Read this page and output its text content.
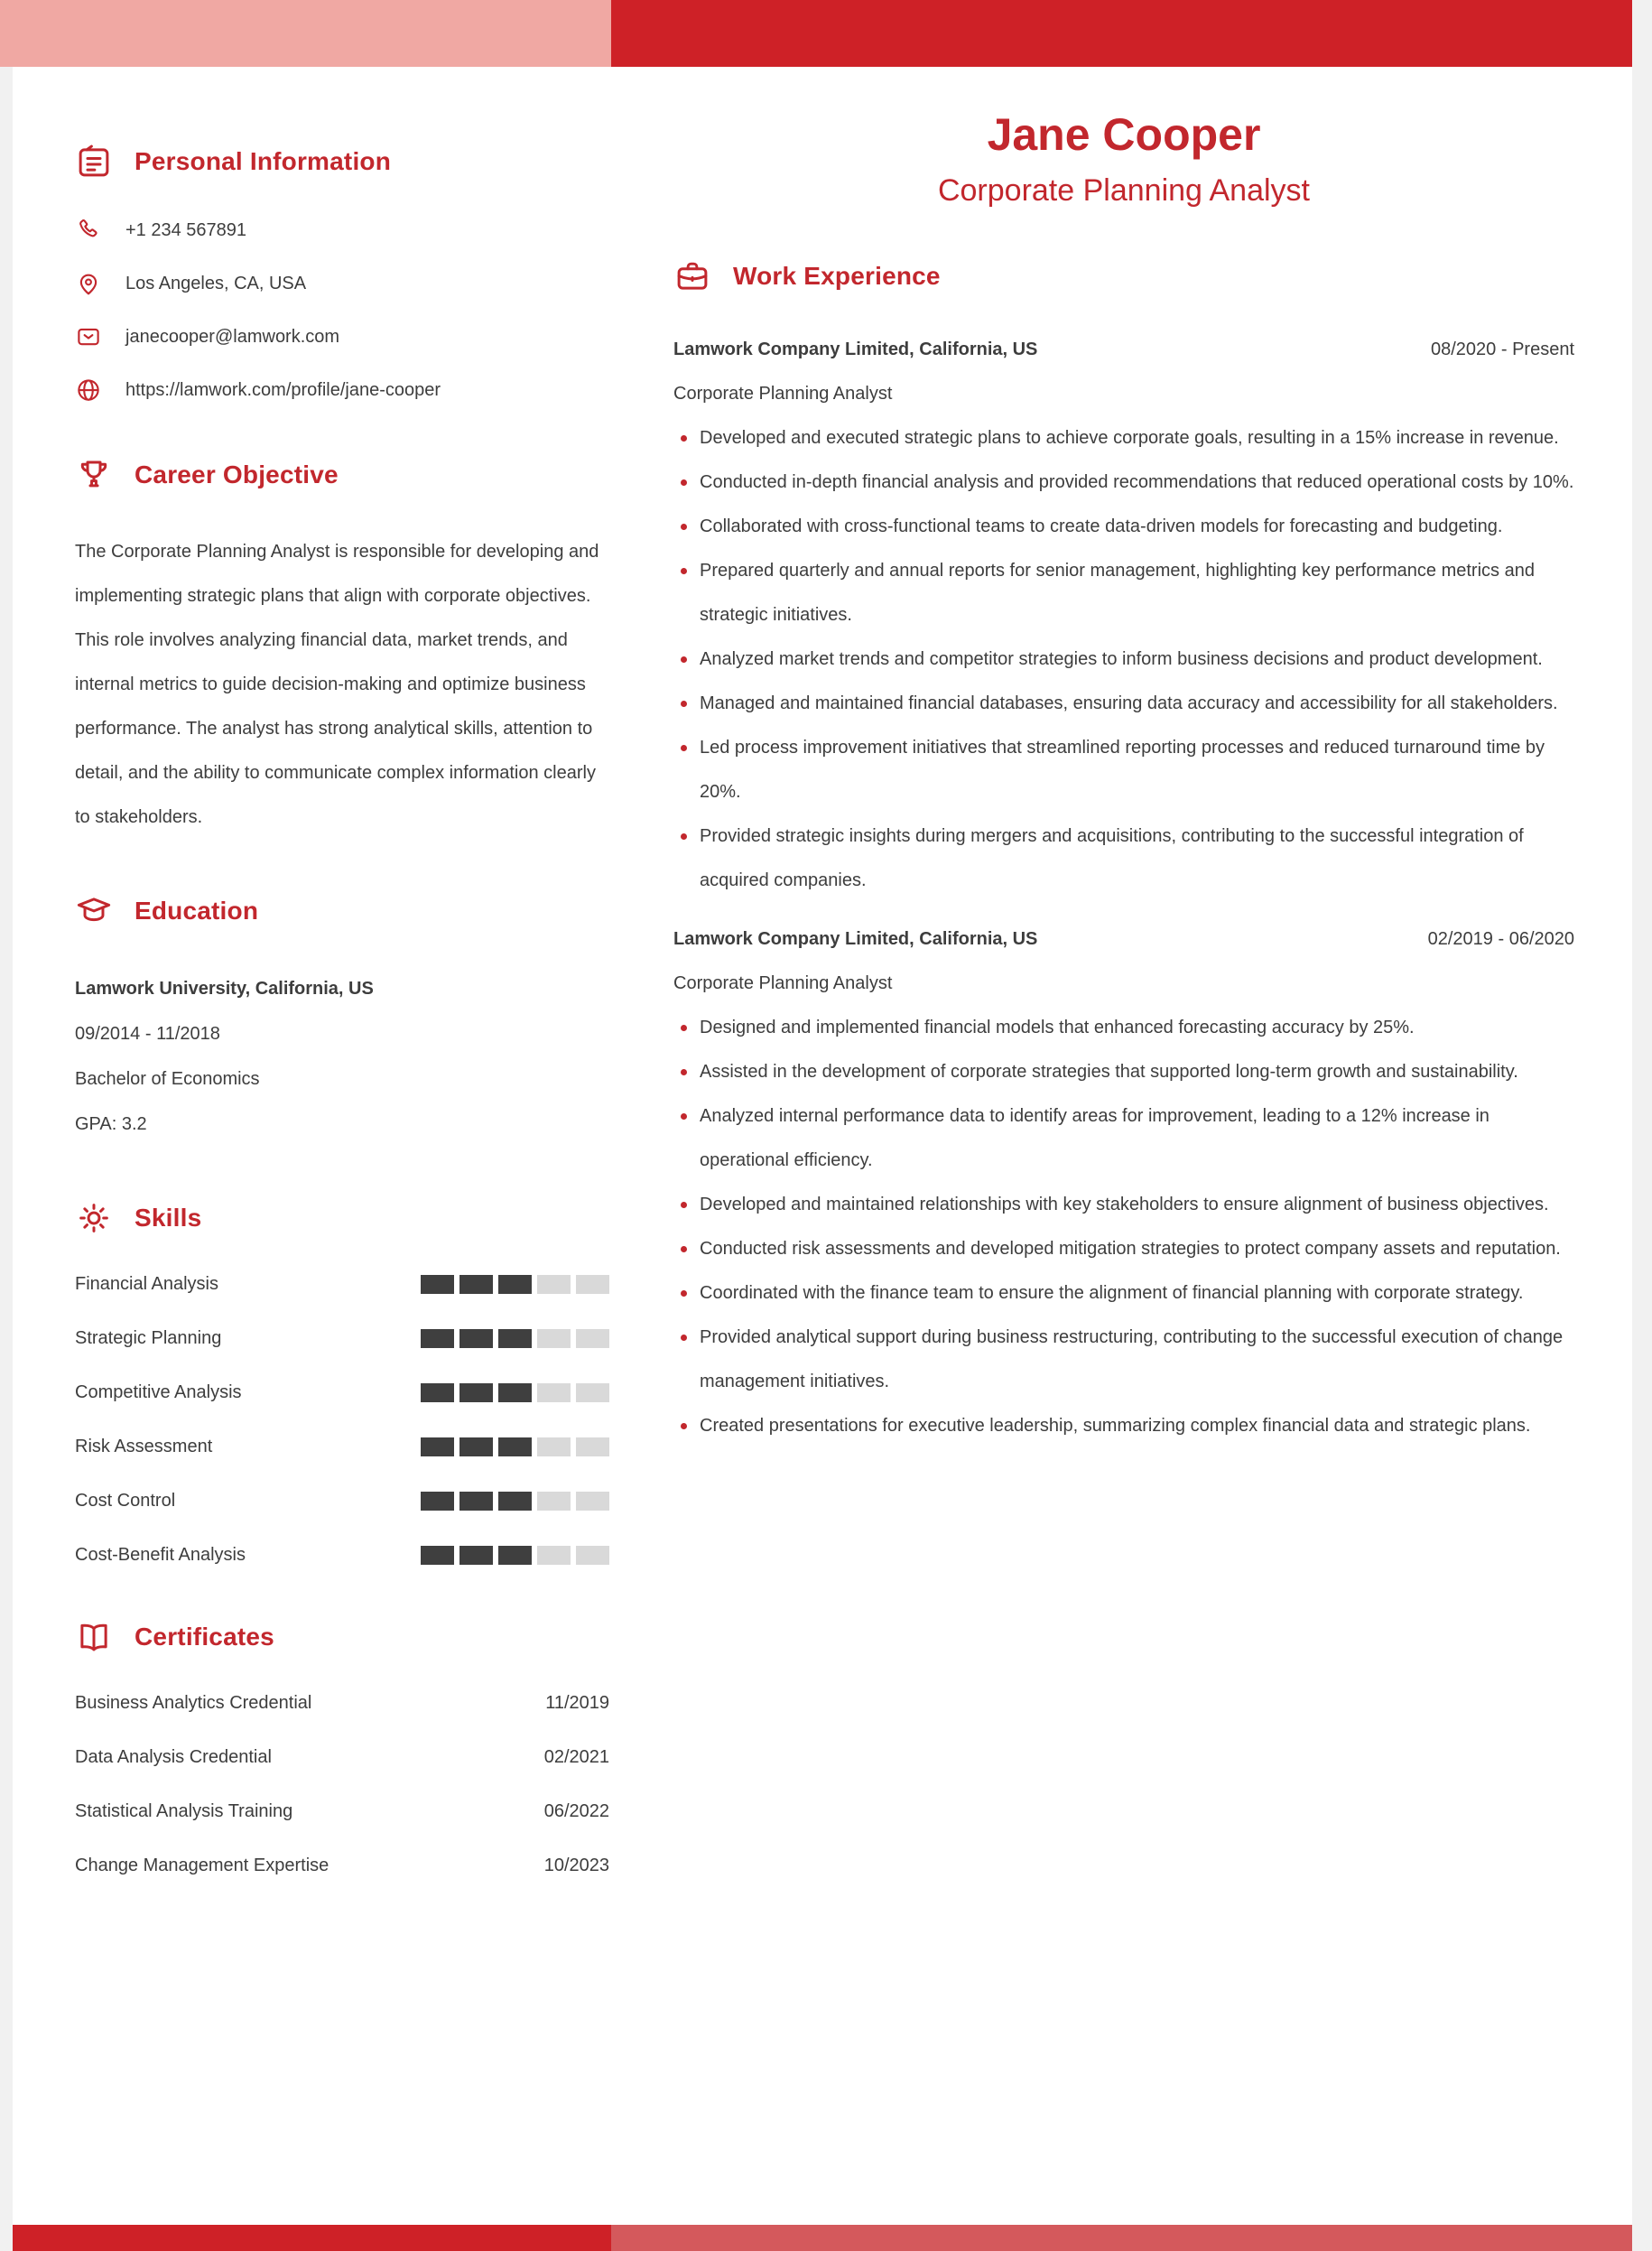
Personal Information
+1 234 567891
Los Angeles, CA, USA
janecooper@lamwork.com
https://lamwork.com/profile/jane-cooper
Career Objective

The Corporate Planning Analyst is responsible for developing and implementing strategic plans that align with corporate objectives. This role involves analyzing financial data, market trends, and internal metrics to guide decision-making and optimize business performance. The analyst has strong analytical skills, attention to detail, and the ability to communicate complex information clearly to stakeholders.

Education
Lamwork University, California, US
09/2014 - 11/2018
Bachelor of Economics
GPA: 3.2
Skills
Financial Analysis
Strategic Planning
Competitive Analysis
Risk Assessment
Cost Control
Cost-Benefit Analysis
Certificates
Business Analytics Credential	11/2019
Data Analysis Credential	02/2021
Statistical Analysis Training	06/2022
Change Management Expertise	10/2023
Jane Cooper
Corporate Planning Analyst
Work Experience
Lamwork Company Limited, California, US	08/2020 - Present
Corporate Planning Analyst
Developed and executed strategic plans to achieve corporate goals, resulting in a 15% increase in revenue.
Conducted in-depth financial analysis and provided recommendations that reduced operational costs by 10%.
Collaborated with cross-functional teams to create data-driven models for forecasting and budgeting.
Prepared quarterly and annual reports for senior management, highlighting key performance metrics and strategic initiatives.
Analyzed market trends and competitor strategies to inform business decisions and product development.
Managed and maintained financial databases, ensuring data accuracy and accessibility for all stakeholders.
Led process improvement initiatives that streamlined reporting processes and reduced turnaround time by 20%.
Provided strategic insights during mergers and acquisitions, contributing to the successful integration of acquired companies.
Lamwork Company Limited, California, US	02/2019 - 06/2020
Corporate Planning Analyst
Designed and implemented financial models that enhanced forecasting accuracy by 25%.
Assisted in the development of corporate strategies that supported long-term growth and sustainability.
Analyzed internal performance data to identify areas for improvement, leading to a 12% increase in operational efficiency.
Developed and maintained relationships with key stakeholders to ensure alignment of business objectives.
Conducted risk assessments and developed mitigation strategies to protect company assets and reputation.
Coordinated with the finance team to ensure the alignment of financial planning with corporate strategy.
Provided analytical support during business restructuring, contributing to the successful execution of change management initiatives.
Created presentations for executive leadership, summarizing complex financial data and strategic plans.
